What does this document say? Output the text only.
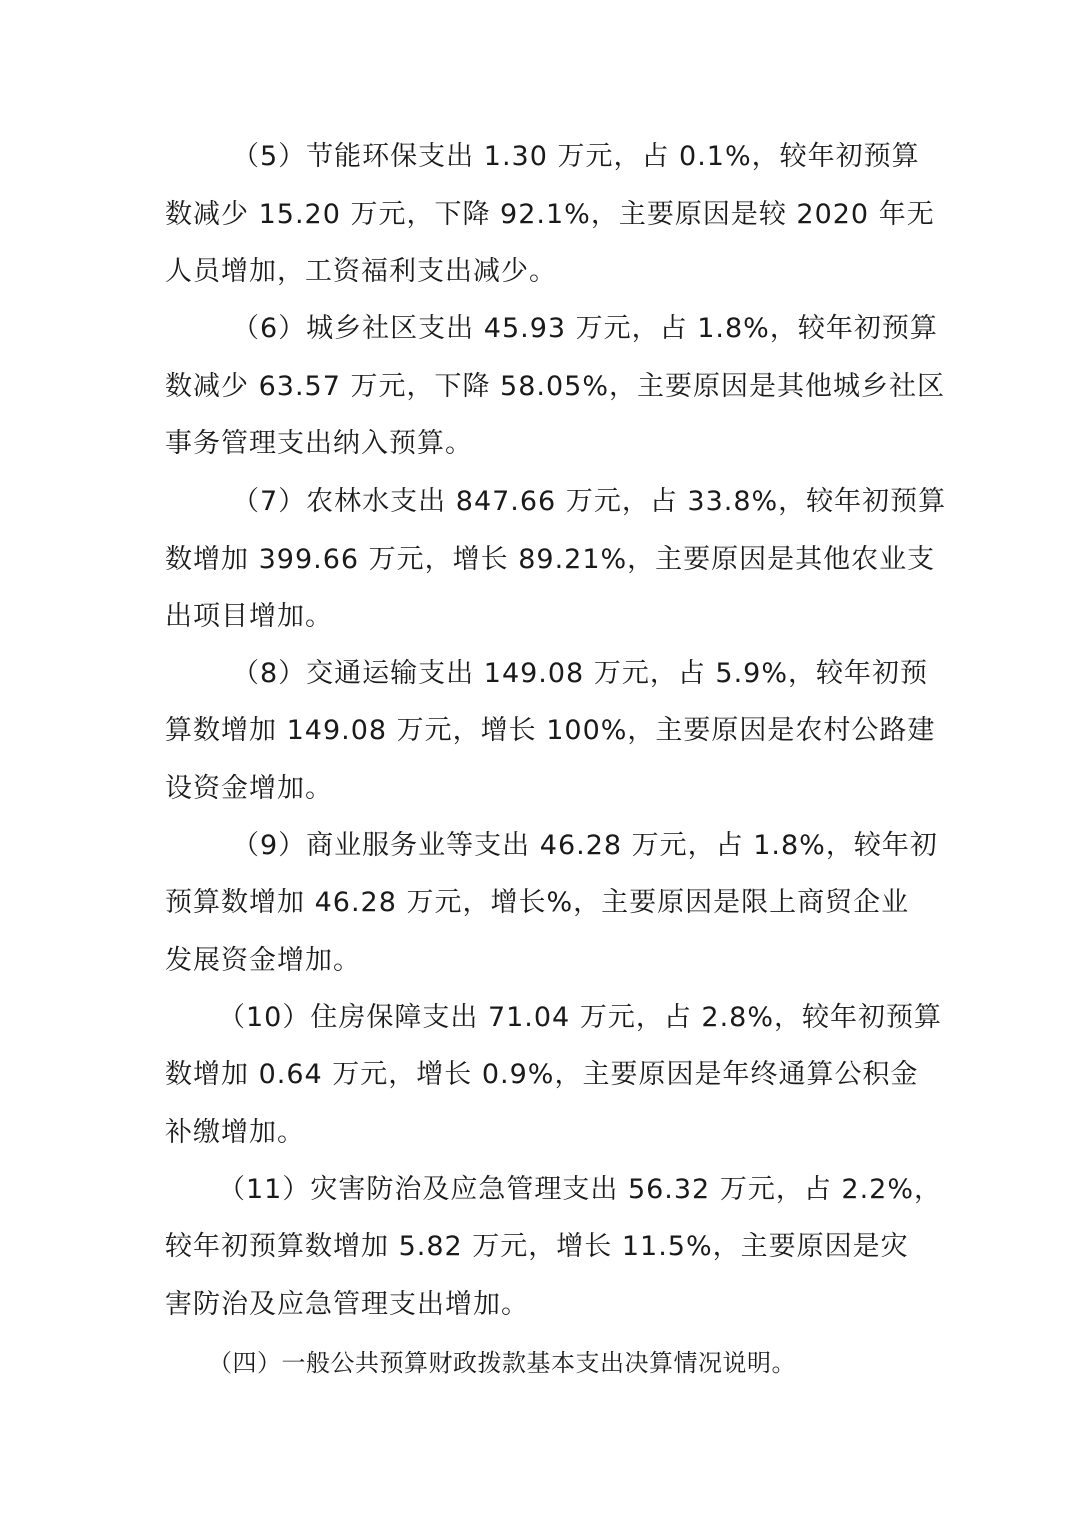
（5）节能环保支出 1.30 万元，占 0.1%，较年初预算
数减少 15.20 万元，下降 92.1%，主要原因是较 2020 年无
人员增加，工资福利支出减少。
（6）城乡社区支出 45.93 万元，占 1.8%，较年初预算
数减少 63.57 万元，下降 58.05%，主要原因是其他城乡社区
事务管理支出纳入预算。
（7）农林水支出 847.66 万元，占 33.8%，较年初预算
数增加 399.66 万元，增长 89.21%，主要原因是其他农业支
出项目增加。
（8）交通运输支出 149.08 万元，占 5.9%，较年初预
算数增加 149.08 万元，增长 100%，主要原因是农村公路建
设资金增加。
（9）商业服务业等支出 46.28 万元，占 1.8%，较年初
预算数增加 46.28 万元，增长%，主要原因是限上商贸企业
发展资金增加。
（10）住房保障支出 71.04 万元，占 2.8%，较年初预算
数增加 0.64 万元，增长 0.9%，主要原因是年终通算公积金
补缴增加。
（11）灾害防治及应急管理支出 56.32 万元，占 2.2%，
较年初预算数增加 5.82 万元，增长 11.5%，主要原因是灾
害防治及应急管理支出增加。
（四）一般公共预算财政拨款基本支出决算情况说明。
